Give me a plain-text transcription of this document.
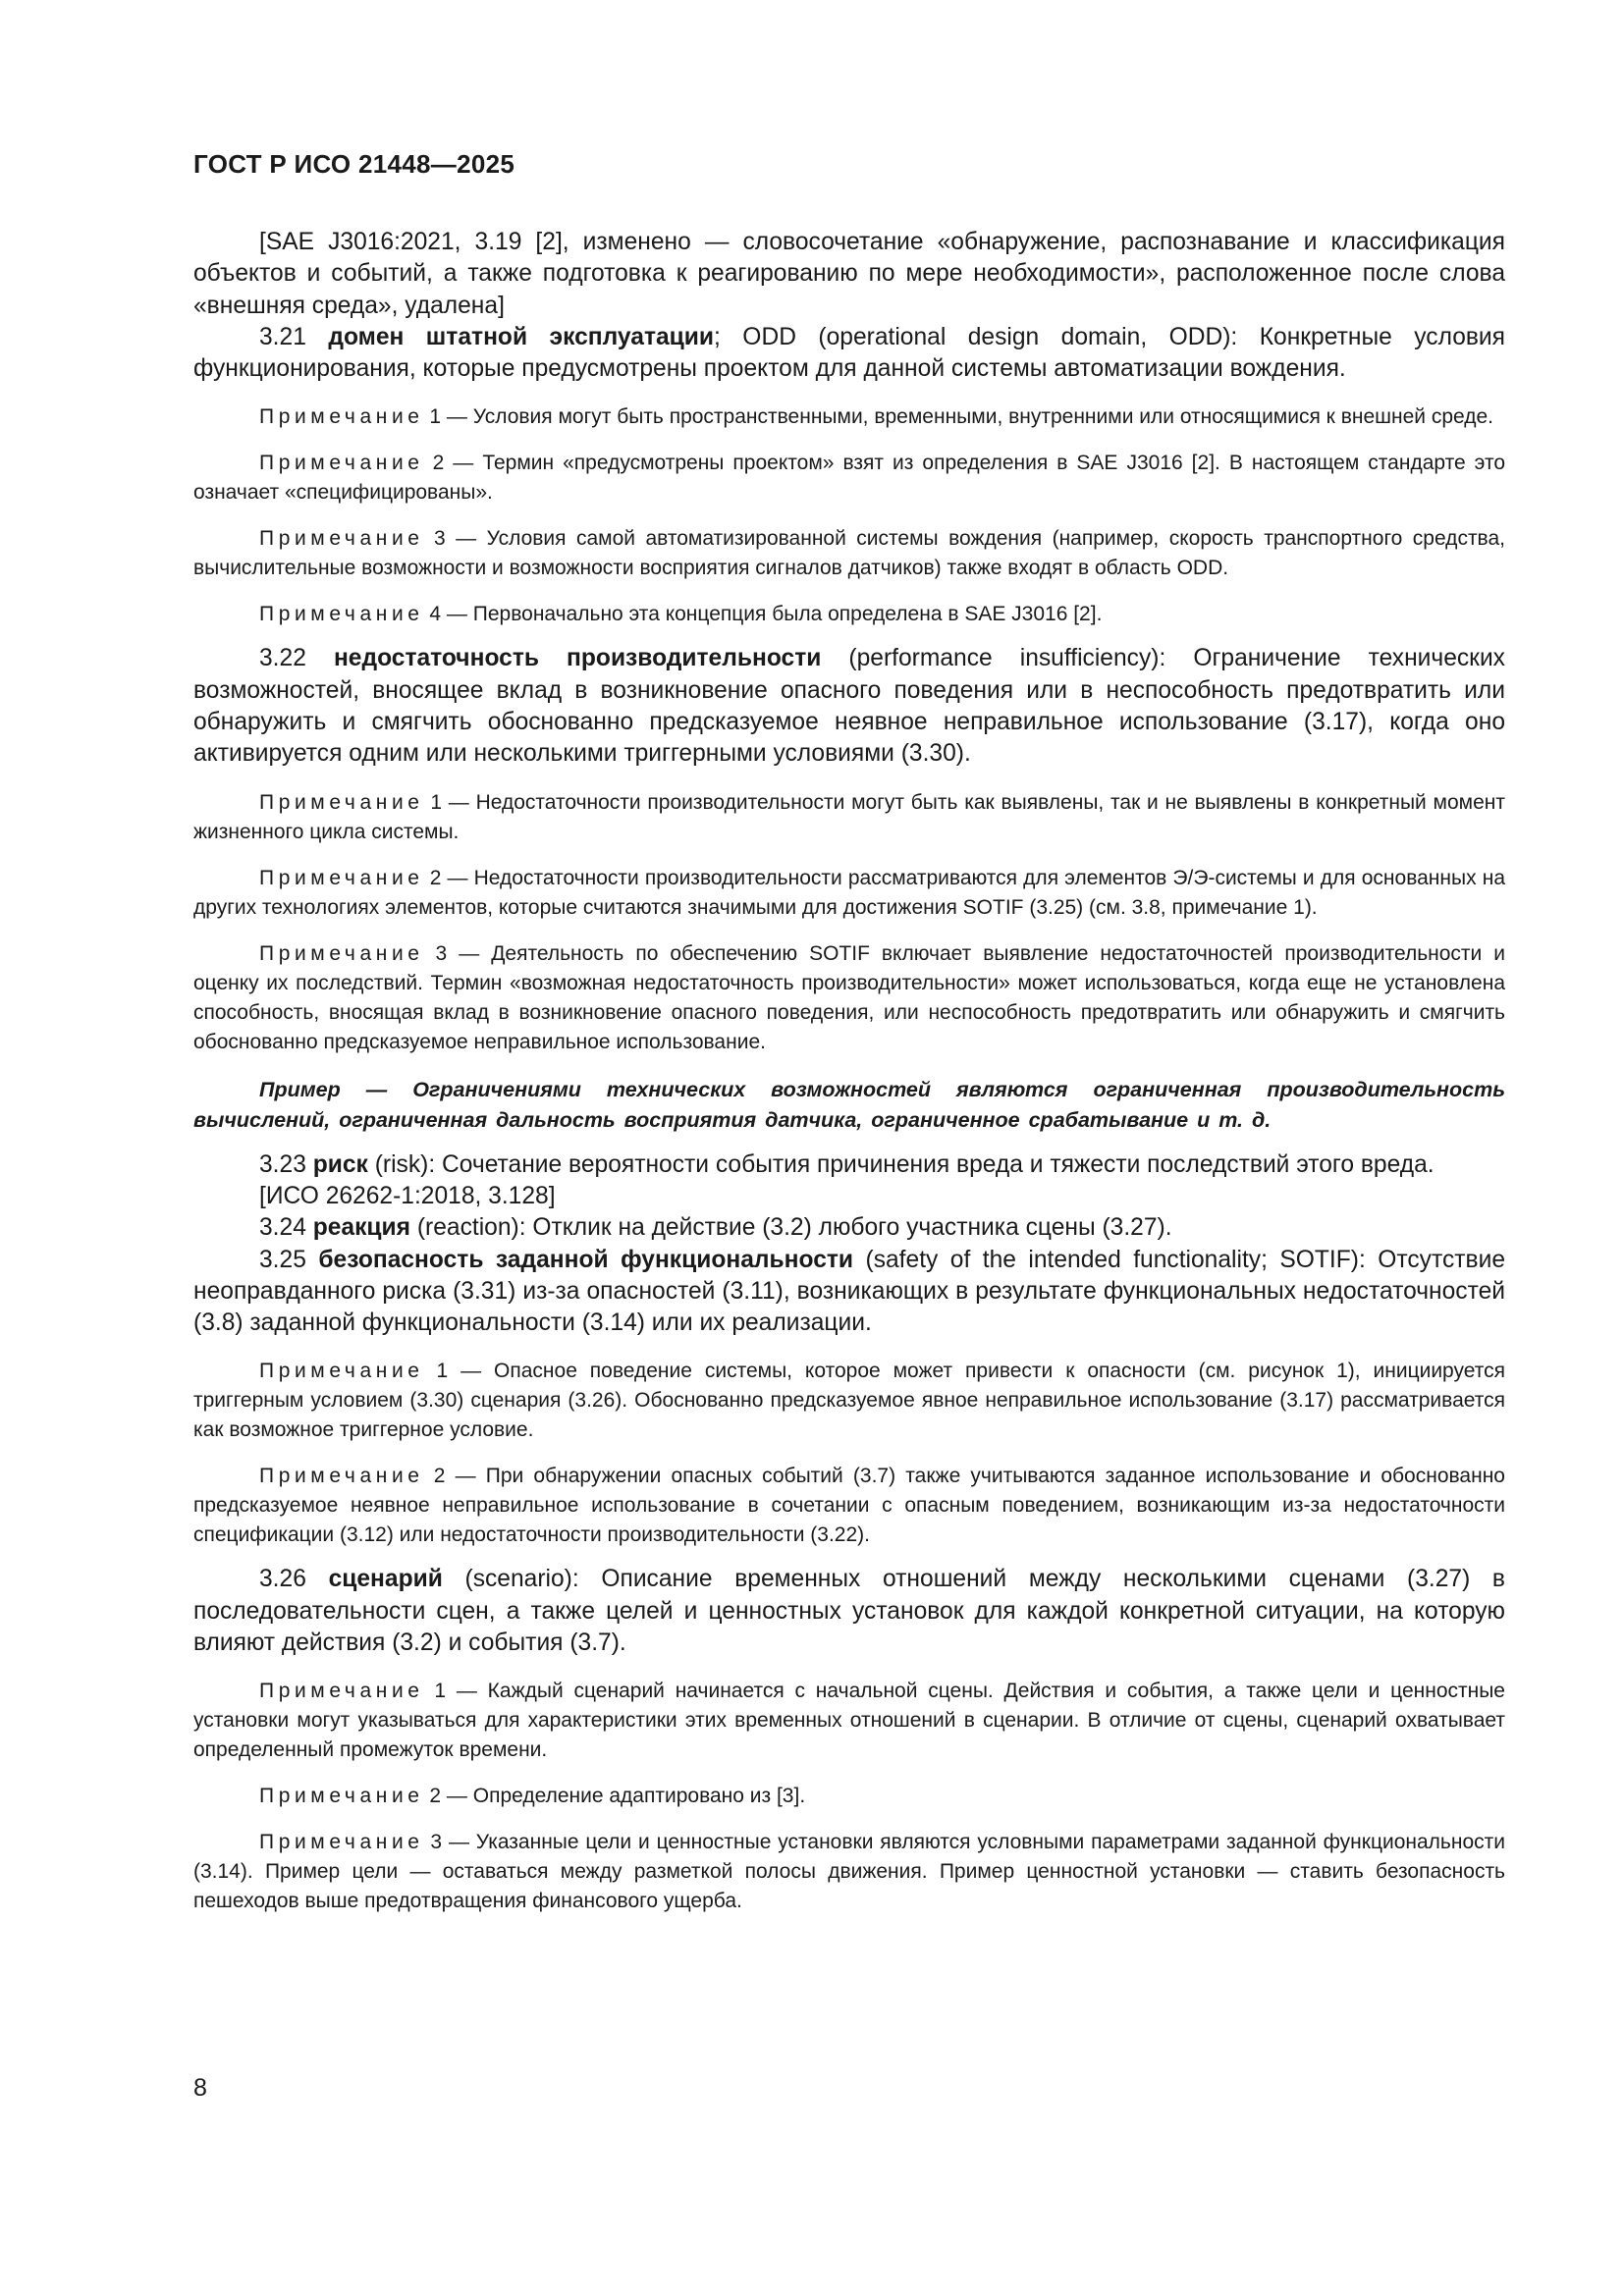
ГОСТ Р ИСО 21448—2025

[SAE J3016:2021, 3.19 [2], изменено — словосочетание «обнаружение, распознавание и классификация объектов и событий, а также подготовка к реагированию по мере необходимости», расположенное после слова «внешняя среда», удалена]

3.21 домен штатной эксплуатации; ODD (operational design domain, ODD): Конкретные условия функционирования, которые предусмотрены проектом для данной системы автоматизации вождения.

Примечание 1 — Условия могут быть пространственными, временными, внутренними или относящимися к внешней среде.

Примечание 2 — Термин «предусмотрены проектом» взят из определения в SAE J3016 [2]. В настоящем стандарте это означает «специфицированы».

Примечание 3 — Условия самой автоматизированной системы вождения (например, скорость транспортного средства, вычислительные возможности и возможности восприятия сигналов датчиков) также входят в область ODD.

Примечание 4 — Первоначально эта концепция была определена в SAE J3016 [2].

3.22 недостаточность производительности (performance insufficiency): Ограничение технических возможностей, вносящее вклад в возникновение опасного поведения или в неспособность предотвратить или обнаружить и смягчить обоснованно предсказуемое неявное неправильное использование (3.17), когда оно активируется одним или несколькими триггерными условиями (3.30).

Примечание 1 — Недостаточности производительности могут быть как выявлены, так и не выявлены в конкретный момент жизненного цикла системы.

Примечание 2 — Недостаточности производительности рассматриваются для элементов Э/Э-системы и для основанных на других технологиях элементов, которые считаются значимыми для достижения SOTIF (3.25) (см. 3.8, примечание 1).

Примечание 3 — Деятельность по обеспечению SOTIF включает выявление недостаточностей производительности и оценку их последствий. Термин «возможная недостаточность производительности» может использоваться, когда еще не установлена способность, вносящая вклад в возникновение опасного поведения, или неспособность предотвратить или обнаружить и смягчить обоснованно предсказуемое неправильное использование.

Пример — Ограничениями технических возможностей являются ограниченная производительность вычислений, ограниченная дальность восприятия датчика, ограниченное срабатывание и т. д.

3.23 риск (risk): Сочетание вероятности события причинения вреда и тяжести последствий этого вреда.

[ИСО 26262-1:2018, 3.128]

3.24 реакция (reaction): Отклик на действие (3.2) любого участника сцены (3.27).

3.25 безопасность заданной функциональности (safety of the intended functionality; SOTIF): Отсутствие неоправданного риска (3.31) из-за опасностей (3.11), возникающих в результате функциональных недостаточностей (3.8) заданной функциональности (3.14) или их реализации.

Примечание 1 — Опасное поведение системы, которое может привести к опасности (см. рисунок 1), инициируется триггерным условием (3.30) сценария (3.26). Обоснованно предсказуемое явное неправильное использование (3.17) рассматривается как возможное триггерное условие.

Примечание 2 — При обнаружении опасных событий (3.7) также учитываются заданное использование и обоснованно предсказуемое неявное неправильное использование в сочетании с опасным поведением, возникающим из-за недостаточности спецификации (3.12) или недостаточности производительности (3.22).

3.26 сценарий (scenario): Описание временных отношений между несколькими сценами (3.27) в последовательности сцен, а также целей и ценностных установок для каждой конкретной ситуации, на которую влияют действия (3.2) и события (3.7).

Примечание 1 — Каждый сценарий начинается с начальной сцены. Действия и события, а также цели и ценностные установки могут указываться для характеристики этих временных отношений в сценарии. В отличие от сцены, сценарий охватывает определенный промежуток времени.

Примечание 2 — Определение адаптировано из [3].

Примечание 3 — Указанные цели и ценностные установки являются условными параметрами заданной функциональности (3.14). Пример цели — оставаться между разметкой полосы движения. Пример ценностной установки — ставить безопасность пешеходов выше предотвращения финансового ущерба.

8
